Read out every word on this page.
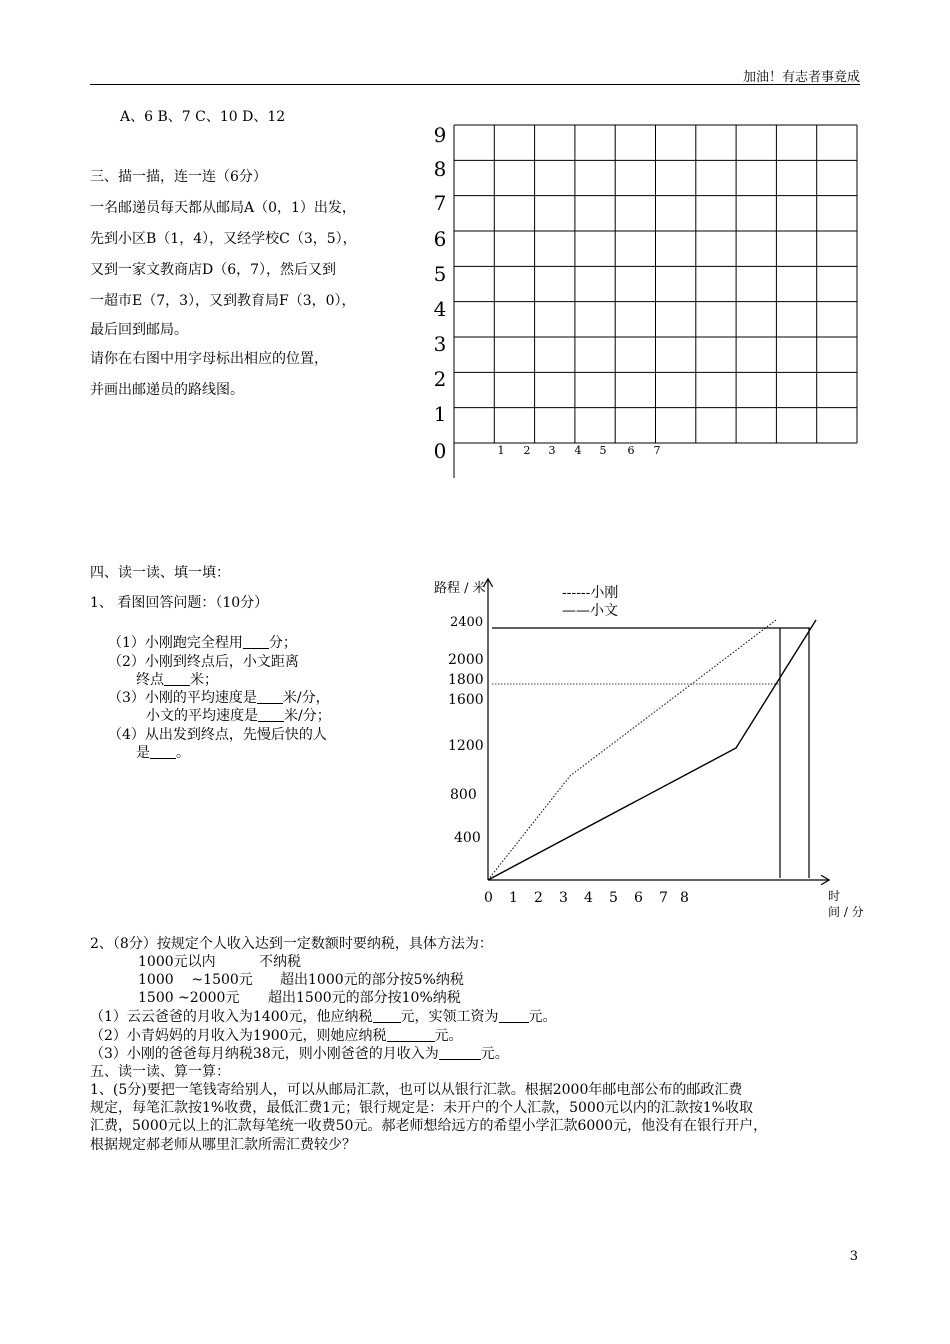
加油！有志者事竟成
A、6 B、7 C、10 D、12
三、描一描，连一连（6分）
一名邮递员每天都从邮局A（0，1）出发，
先到小区B（1，4），又经学校C（3，5），
又到一家文教商店D（6，7），然后又到
一超市E（7，3），又到教育局F（3，0），
最后回到邮局。
请你在右图中用字母标出相应的位置，
并画出邮递员的路线图。
9
8
7
6
5
4
3
2
1
0	1 2 3 4 5 6 7
四、读一读、填一填：
1、 看图回答问题：（10分）
（1）小刚跑完全程用 分；
（2）小刚到终点后，小文距离
终点 米；
（3）小刚的平均速度是 米/分，
小文的平均速度是 米/分；
（4）从出发到终点，先慢后快的人
是 。
路程 / 米
时
间 / 分
------小刚
——小文
2400
2000
1800
1600
1200
800
400
0 1 2 3 4 5 6 7 8
2、（8分）按规定个人收入达到一定数额时要纳税，具体方法为：
1000元以内	不纳税
1000    ~1500元 超出1000元的部分按5%纳税
1500 ~2000元 超出1500元的部分按10%纳税
（1）云云爸爸的月收入为1400元，他应纳税 元，实领工资为 元。
（2）小青妈妈的月收入为1900元，则她应纳税	元。
（3）小刚的爸爸每月纳税38元，则小刚爸爸的月收入为	元。
五、读一读、算一算：
1、(5分)要把一笔钱寄给别人，可以从邮局汇款，也可以从银行汇款。根据2000年邮电部公布的邮政汇费
规定，每笔汇款按1%收费，最低汇费1元；银行规定是：未开户的个人汇款，5000元以内的汇款按1%收取
汇费，5000元以上的汇款每笔统一收费50元。郝老师想给远方的希望小学汇款6000元，他没有在银行开户，
根据规定郝老师从哪里汇款所需汇费较少？
3
